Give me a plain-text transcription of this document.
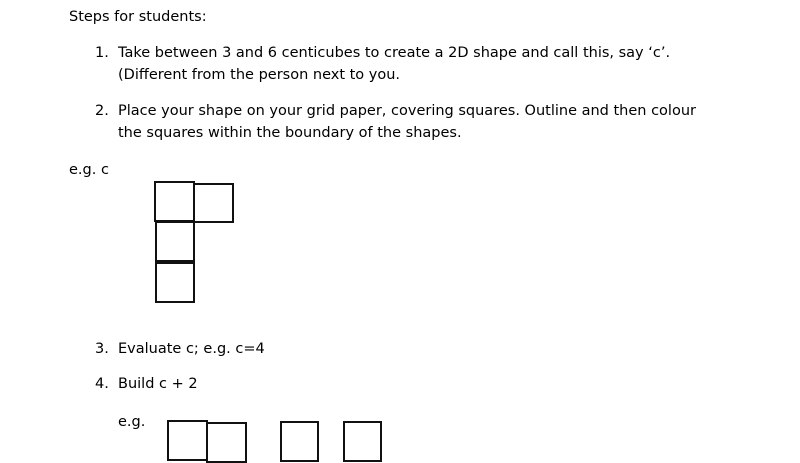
Steps for students:
1. Take between 3 and 6 centicubes to create a 2D shape and call this, say ‘c’.
(Different from the person next to you.
2. Place your shape on your grid paper, covering squares. Outline and then colour
the squares within the boundary of the shapes.
e.g. c
3. Evaluate c; e.g. c=4
4. Build c + 2
e.g.
